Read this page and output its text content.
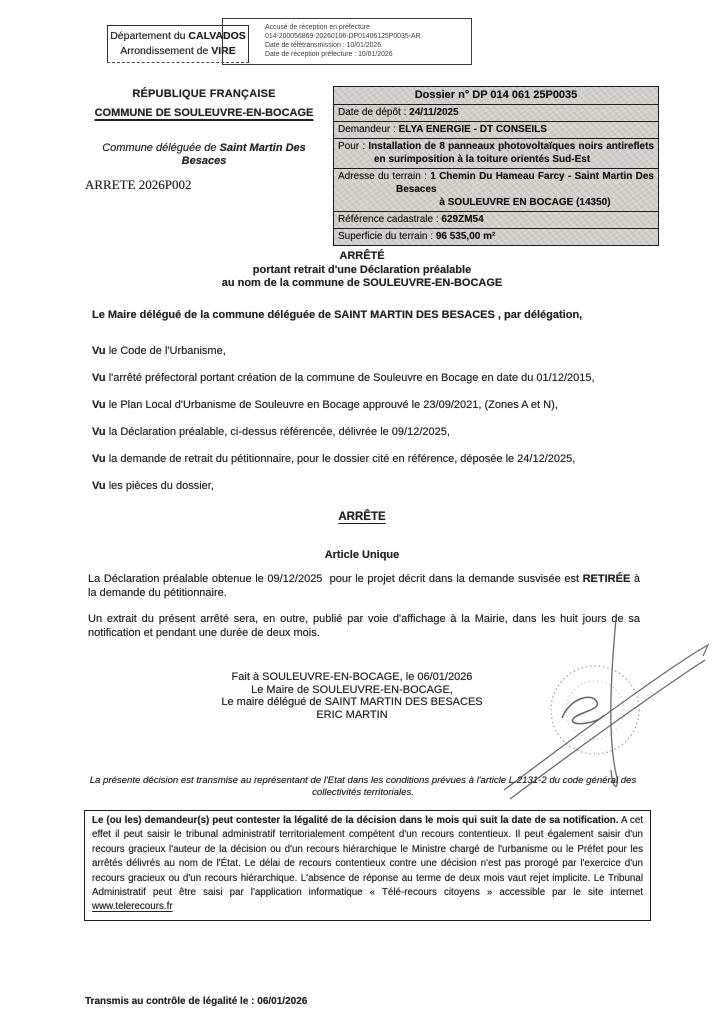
Accusé de réception en préfecture
014-200056869-20260106-DP01406125P0035-AR
Date de télétransmission : 10/01/2026
Date de réception préfecture : 10/01/2026
Département du CALVADOS
Arrondissement de VIRE
RÉPUBLIQUE FRANÇAISE
COMMUNE DE SOULEUVRE-EN-BOCAGE
Commune déléguée de Saint Martin Des Besaces
ARRETE 2026P002
Dossier n° DP 014 061 25P0035
Date de dépôt : 24/11/2025
Demandeur : ELYA ENERGIE - DT CONSEILS
Pour : Installation de 8 panneaux photovoltaïques noirs antireflets en surimposition à la toiture orientés Sud-Est
Adresse du terrain : 1 Chemin Du Hameau Farcy - Saint Martin Des Besaces
à SOULEUVRE EN BOCAGE (14350)
Référence cadastrale : 629ZM54
Superficie du terrain : 96 535,00 m²
ARRÊTÉ
portant retrait d'une Déclaration préalable
au nom de la commune de SOULEUVRE-EN-BOCAGE
Le Maire délégué de la commune déléguée de SAINT MARTIN DES BESACES , par délégation,
Vu le Code de l'Urbanisme,
Vu l'arrêté préfectoral portant création de la commune de Souleuvre en Bocage en date du 01/12/2015,
Vu le Plan Local d'Urbanisme de Souleuvre en Bocage approuvé le 23/09/2021, (Zones A et N),
Vu la Déclaration préalable, ci-dessus référencée, délivrée le 09/12/2025,
Vu la demande de retrait du pétitionnaire, pour le dossier cité en référence, déposée le 24/12/2025,
Vu les pièces du dossier,
ARRÊTE
Article Unique
La Déclaration préalable obtenue le 09/12/2025  pour le projet décrit dans la demande susvisée est RETIRÉE à la demande du pétitionnaire.
Un extrait du présent arrêté sera, en outre, publié par voie d'affichage à la Mairie, dans les huit jours de sa notification et pendant une durée de deux mois.
Fait à SOULEUVRE-EN-BOCAGE, le 06/01/2026
Le Maire de SOULEUVRE-EN-BOCAGE,
Le maire délégué de SAINT MARTIN DES BESACES
ERIC MARTIN
La présente décision est transmise au représentant de l'Etat dans les conditions prévues à l'article L.2131-2 du code général des collectivités territoriales.
Le (ou les) demandeur(s) peut contester la légalité de la décision dans le mois qui suit la date de sa notification. A cet effet il peut saisir le tribunal administratif territorialement compétent d'un recours contentieux. Il peut également saisir d'un recours gracieux l'auteur de la décision ou d'un recours hiérarchique le Ministre chargé de l'urbanisme ou le Préfet pour les arrêtés délivrés au nom de l'État. Le délai de recours contentieux contre une décision n'est pas prorogé par l'exercice d'un recours gracieux ou d'un recours hiérarchique. L'absence de réponse au terme de deux mois vaut rejet implicite. Le Tribunal Administratif peut être saisi par l'application informatique « Télé-recours citoyens » accessible par le site internet www.telerecours.fr
Transmis au contrôle de légalité le : 06/01/2026
